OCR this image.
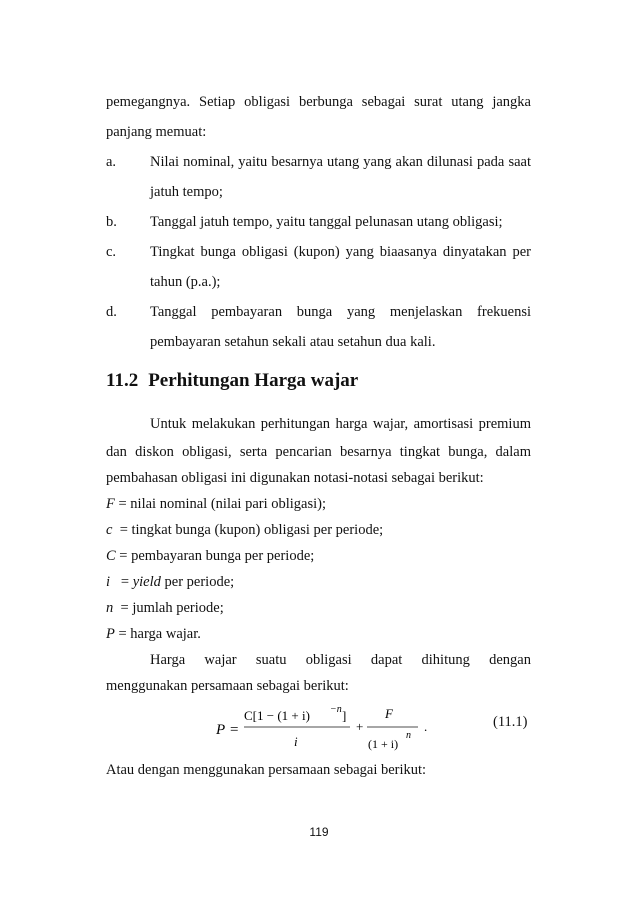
pemegangnya. Setiap obligasi berbunga sebagai surat utang jangka
panjang memuat:
a. Nilai nominal, yaitu besarnya utang yang akan dilunasi pada saat
jatuh tempo;
b. Tanggal jatuh tempo, yaitu tanggal pelunasan utang obligasi;
c. Tingkat bunga obligasi (kupon) yang biaasanya dinyatakan per
tahun (p.a.);
d. Tanggal pembayaran bunga yang menjelaskan frekuensi
pembayaran setahun sekali atau setahun dua kali.
11.2 Perhitungan Harga wajar
Untuk melakukan perhitungan harga wajar, amortisasi premium
dan diskon obligasi, serta pencarian besarnya tingkat bunga, dalam
pembahasan obligasi ini digunakan notasi-notasi sebagai berikut:
F = nilai nominal (nilai pari obligasi);
c  = tingkat bunga (kupon) obligasi per periode;
C = pembayaran bunga per periode;
i   = yield per periode;
n  = jumlah periode;
P = harga wajar.
P =
C[1 − (1 + i) −n ]
i
+
F
(1 + i)
n
.	(11.1)
Atau dengan menggunakan persamaan sebagai berikut:
119
Harga wajar suatu obligasi dapat dihitung dengan
menggunakan persamaan sebagai berikut:
